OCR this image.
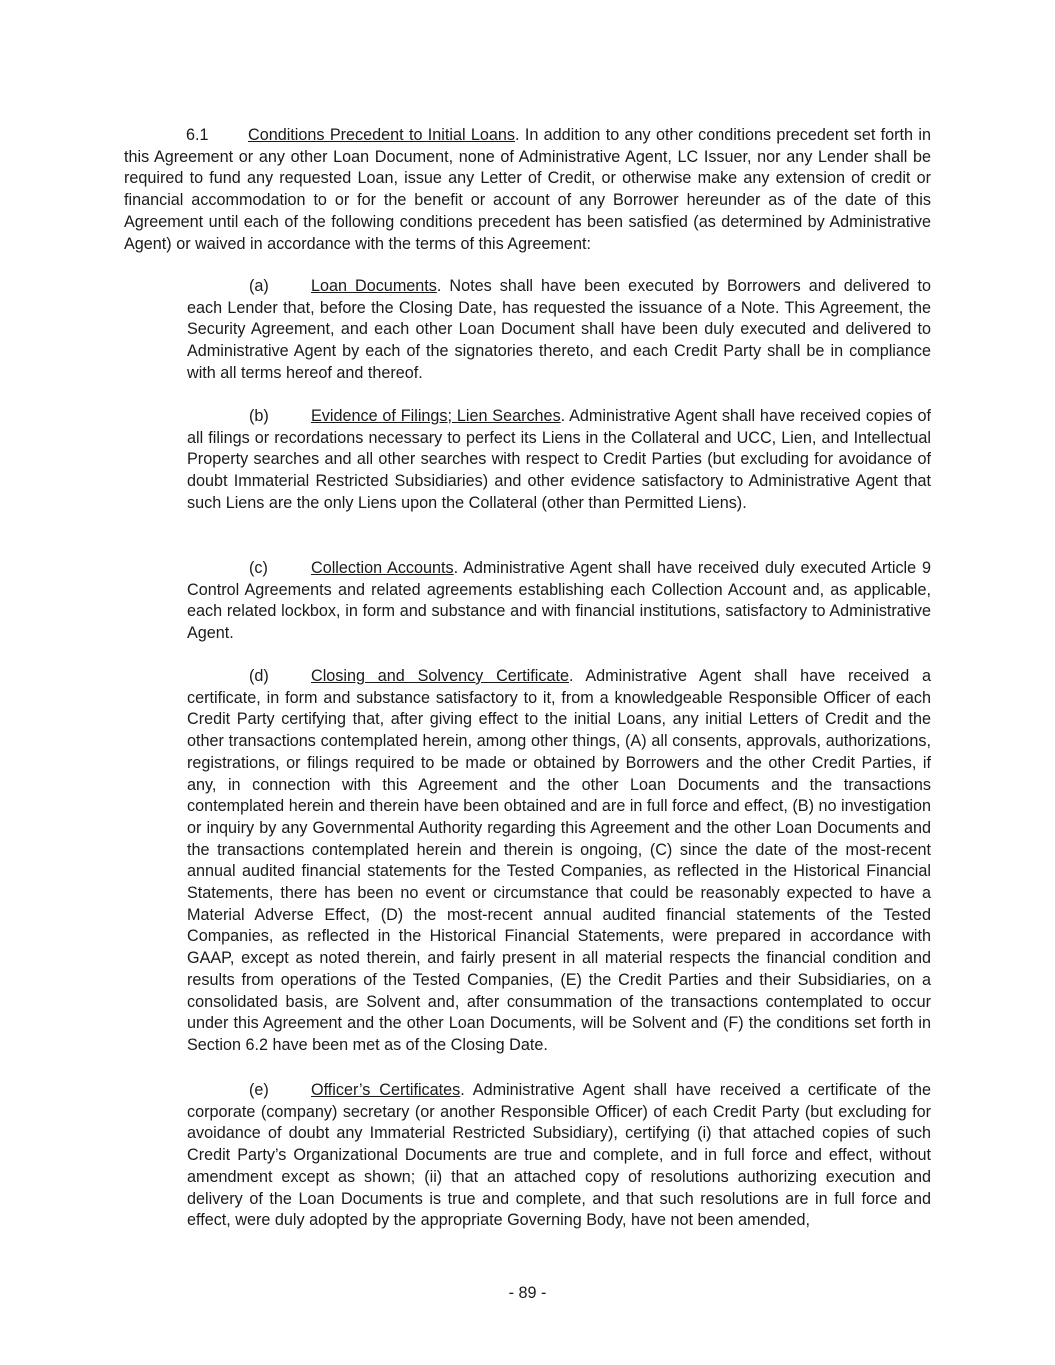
6.1 Conditions Precedent to Initial Loans. In addition to any other conditions precedent set forth in this Agreement or any other Loan Document, none of Administrative Agent, LC Issuer, nor any Lender shall be required to fund any requested Loan, issue any Letter of Credit, or otherwise make any extension of credit or financial accommodation to or for the benefit or account of any Borrower hereunder as of the date of this Agreement until each of the following conditions precedent has been satisfied (as determined by Administrative Agent) or waived in accordance with the terms of this Agreement:

(a)	Loan Documents. Notes shall have been executed by Borrowers and delivered to each Lender that, before the Closing Date, has requested the issuance of a Note. This Agreement, the Security Agreement, and each other Loan Document shall have been duly executed and delivered to Administrative Agent by each of the signatories thereto, and each Credit Party shall be in compliance with all terms hereof and thereof.

(b)	Evidence of Filings; Lien Searches. Administrative Agent shall have received copies of all filings or recordations necessary to perfect its Liens in the Collateral and UCC, Lien, and Intellectual Property searches and all other searches with respect to Credit Parties (but excluding for avoidance of doubt Immaterial Restricted Subsidiaries) and other evidence satisfactory to Administrative Agent that such Liens are the only Liens upon the Collateral (other than Permitted Liens).

(c)	Collection Accounts. Administrative Agent shall have received duly executed Article 9 Control Agreements and related agreements establishing each Collection Account and, as applicable, each related lockbox, in form and substance and with financial institutions, satisfactory to Administrative Agent.

(d)	Closing and Solvency Certificate. Administrative Agent shall have received a certificate, in form and substance satisfactory to it, from a knowledgeable Responsible Officer of each Credit Party certifying that, after giving effect to the initial Loans, any initial Letters of Credit and the other transactions contemplated herein, among other things, (A) all consents, approvals, authorizations, registrations, or filings required to be made or obtained by Borrowers and the other Credit Parties, if any, in connection with this Agreement and the other Loan Documents and the transactions contemplated herein and therein have been obtained and are in full force and effect, (B) no investigation or inquiry by any Governmental Authority regarding this Agreement and the other Loan Documents and the transactions contemplated herein and therein is ongoing, (C) since the date of the most-recent annual audited financial statements for the Tested Companies, as reflected in the Historical Financial Statements, there has been no event or circumstance that could be reasonably expected to have a Material Adverse Effect, (D) the most-recent annual audited financial statements of the Tested Companies, as reflected in the Historical Financial Statements, were prepared in accordance with GAAP, except as noted therein, and fairly present in all material respects the financial condition and results from operations of the Tested Companies, (E) the Credit Parties and their Subsidiaries, on a consolidated basis, are Solvent and, after consummation of the transactions contemplated to occur under this Agreement and the other Loan Documents, will be Solvent and (F) the conditions set forth in Section 6.2 have been met as of the Closing Date.

(e)	Officer’s Certificates. Administrative Agent shall have received a certificate of the corporate (company) secretary (or another Responsible Officer) of each Credit Party (but excluding for avoidance of doubt any Immaterial Restricted Subsidiary), certifying (i) that attached copies of such Credit Party’s Organizational Documents are true and complete, and in full force and effect, without amendment except as shown; (ii) that an attached copy of resolutions authorizing execution and delivery of the Loan Documents is true and complete, and that such resolutions are in full force and effect, were duly adopted by the appropriate Governing Body, have not been amended,

- 89 -
